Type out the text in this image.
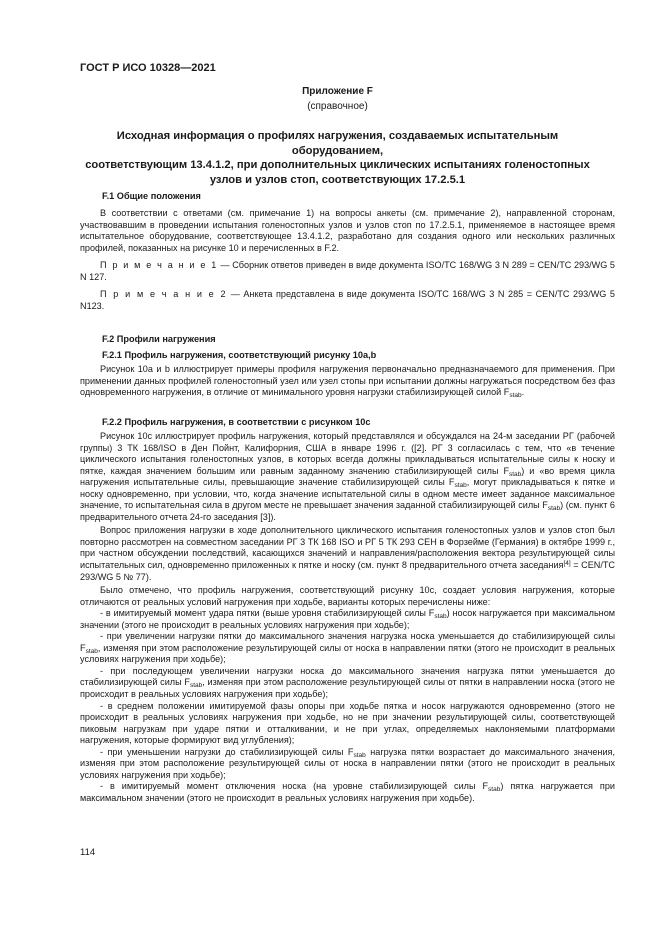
ГОСТ Р ИСО 10328—2021
Приложение F
(справочное)
Исходная информация о профилях нагружения, создаваемых испытательным оборудованием,
соответствующим 13.4.1.2, при дополнительных циклических испытаниях голеностопных
узлов и узлов стоп, соответствующих 17.2.5.1
F.1 Общие положения

В соответствии с ответами (см. примечание 1) на вопросы анкеты (см. примечание 2), направленной сторонам, участвовавшим в проведении испытания голеностопных узлов и узлов стоп по 17.2.5.1, применяемое в настоящее время испытательное оборудование, соответствующее 13.4.1.2, разработано для создания одного или нескольких различных профилей, показанных на рисунке 10 и перечисленных в F.2.

П р и м е ч а н и е 1 — Сборник ответов приведен в виде документа ISO/TC 168/WG 3 N 289 = CEN/TC 293/WG 5 N 127.

П р и м е ч а н и е 2 — Анкета представлена в виде документа ISO/TC 168/WG 3 N 285 = CEN/TC 293/WG 5 N123.

F.2 Профили нагружения
F.2.1 Профиль нагружения, соответствующий рисунку 10а,b

Рисунок 10а и b иллюстрирует примеры профиля нагружения первоначально предназначаемого для применения. При применении данных профилей голеностопный узел или узел стопы при испытании должны нагружаться посредством без фаз одновременного нагружения, в отличие от минимального уровня нагрузки стабилизирующей силой $F_{stab}$.

F.2.2 Профиль нагружения, в соответствии с рисунком 10с

Рисунок 10с иллюстрирует профиль нагружения, который представлялся и обсуждался на 24-м заседании РГ (рабочей группы) 3 ТК 168/ISO в Ден Пойнт, Калифорния, США в январе 1996 г. ([2]. РГ 3 согласилась с тем, что «в течение циклического испытания голеностопных узлов, в которых всегда должны прикладываться испытательные силы к носку и пятке, каждая значением большим или равным заданному значению стабилизирующей силы $F_{stab}$) и «во время цикла нагружения испытательные силы, превышающие значение стабилизирующей силы $F_{stab}$, могут прикладываться к пятке и носку одновременно, при условии, что, когда значение испытательной силы в одном месте имеет заданное максимальное значение, то испытательная сила в другом месте не превышает значения заданной стабилизирующей силы $F_{stab}$) (см. пункт 6 предварительного отчета 24-го заседания [3]).

Вопрос приложения нагрузки в ходе дополнительного циклического испытания голеностопных узлов и узлов стоп был повторно рассмотрен на совместном заседании РГ 3 ТК 168 ISO и РГ 5 ТК 293 СЕН в Форзейме (Германия) в октябре 1999 г., при частном обсуждении последствий, касающихся значений и направления/расположения вектора результирующей силы испытательных сил, одновременно приложенных к пятке и носку (см. пункт 8 предварительного отчета заседания[4] = CEN/TC 293/WG 5 № 77).

Было отмечено, что профиль нагружения, соответствующий рисунку 10с, создает условия нагружения, которые отличаются от реальных условий нагружения при ходьбе, варианты которых перечислены ниже:

- в имитируемый момент удара пятки (выше уровня стабилизирующей силы $F_{stab}$) носок нагружается при максимальном значении (этого не происходит в реальных условиях нагружения при ходьбе);

- при увеличении нагрузки пятки до максимального значения нагрузка носка уменьшается до стабилизирующей силы $F_{stab}$, изменяя при этом расположение результирующей силы от носка в направлении пятки (этого не происходит в реальных условиях нагружения при ходьбе);

- при последующем увеличении нагрузки носка до максимального значения нагрузка пятки уменьшается до стабилизирующей силы $F_{stab}$, изменяя при этом расположение результирующей силы от пятки в направлении носка (этого не происходит в реальных условиях нагружения при ходьбе);

- в среднем положении имитируемой фазы опоры при ходьбе пятка и носок нагружаются одновременно (этого не происходит в реальных условиях нагружения при ходьбе, но не при значении результирующей силы, соответствующей пиковым нагрузкам при ударе пятки и отталкивании, и не при углах, определяемых наклоняемыми платформами нагружения, которые формируют вид углубления);

- при уменьшении нагрузки до стабилизирующей силы $F_{stab}$ нагрузка пятки возрастает до максимального значения, изменяя при этом расположение результирующей силы от носка в направлении пятки (этого не происходит в реальных условиях нагружения при ходьбе);

- в имитируемый момент отключения носка (на уровне стабилизирующей силы $F_{stab}$) пятка нагружается при максимальном значении (этого не происходит в реальных условиях нагружения при ходьбе).

114
